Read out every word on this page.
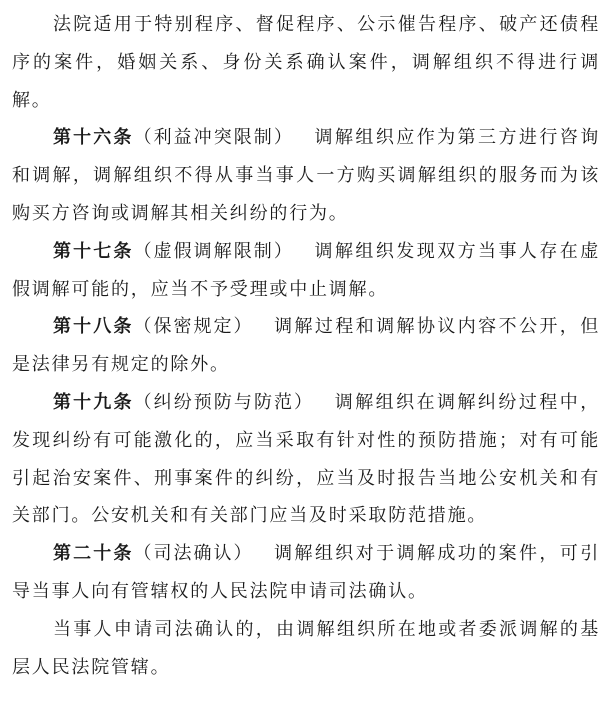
法院适用于特别程序、督促程序、公示催告程序、破产还债程序的案件，婚姻关系、身份关系确认案件，调解组织不得进行调解。

第十六条（利益冲突限制） 调解组织应作为第三方进行咨询和调解，调解组织不得从事当事人一方购买调解组织的服务而为该购买方咨询或调解其相关纠纷的行为。

第十七条（虚假调解限制） 调解组织发现双方当事人存在虚假调解可能的，应当不予受理或中止调解。

第十八条（保密规定） 调解过程和调解协议内容不公开，但是法律另有规定的除外。

第十九条（纠纷预防与防范） 调解组织在调解纠纷过程中，发现纠纷有可能激化的，应当采取有针对性的预防措施；对有可能引起治安案件、刑事案件的纠纷，应当及时报告当地公安机关和有关部门。公安机关和有关部门应当及时采取防范措施。

第二十条（司法确认） 调解组织对于调解成功的案件，可引导当事人向有管辖权的人民法院申请司法确认。

当事人申请司法确认的，由调解组织所在地或者委派调解的基层人民法院管辖。
